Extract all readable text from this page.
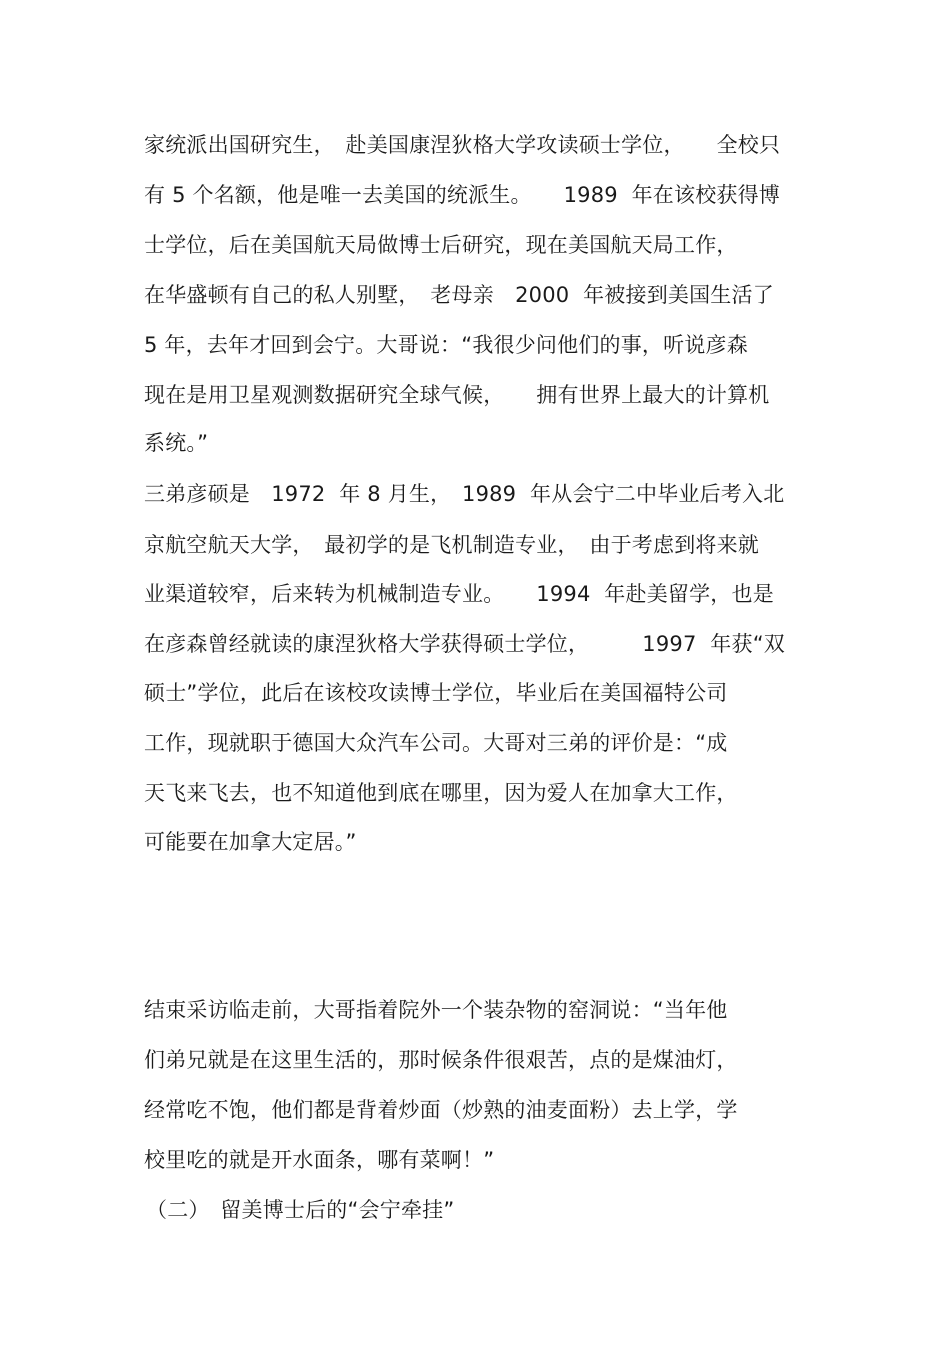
家统派出国研究生，　赴美国康涅狄格大学攻读硕士学位，　　全校只
有 5 个名额，他是唯一去美国的统派生。　　1989  年在该校获得博
士学位，后在美国航天局做博士后研究，现在美国航天局工作，
在华盛顿有自己的私人别墅，　老母亲　2000  年被接到美国生活了
5 年，去年才回到会宁。大哥说：“我很少问他们的事，听说彦森
现在是用卫星观测数据研究全球气候，　　拥有世界上最大的计算机
系统。”
三弟彦硕是　1972  年 8 月生，　1989  年从会宁二中毕业后考入北
京航空航天大学，　最初学的是飞机制造专业，　由于考虑到将来就
业渠道较窄，后来转为机械制造专业。　　1994  年赴美留学，也是
在彦森曾经就读的康涅狄格大学获得硕士学位，　　　1997  年获“双
硕士”学位，此后在该校攻读博士学位，毕业后在美国福特公司
工作，现就职于德国大众汽车公司。大哥对三弟的评价是：“成
天飞来飞去，也不知道他到底在哪里，因为爱人在加拿大工作，
可能要在加拿大定居。”
结束采访临走前，大哥指着院外一个装杂物的窑洞说：“当年他
们弟兄就是在这里生活的，那时候条件很艰苦，点的是煤油灯，
经常吃不饱，他们都是背着炒面（炒熟的油麦面粉）去上学，学
校里吃的就是开水面条，哪有菜啊！”
（二）　留美博士后的“会宁牵挂”
